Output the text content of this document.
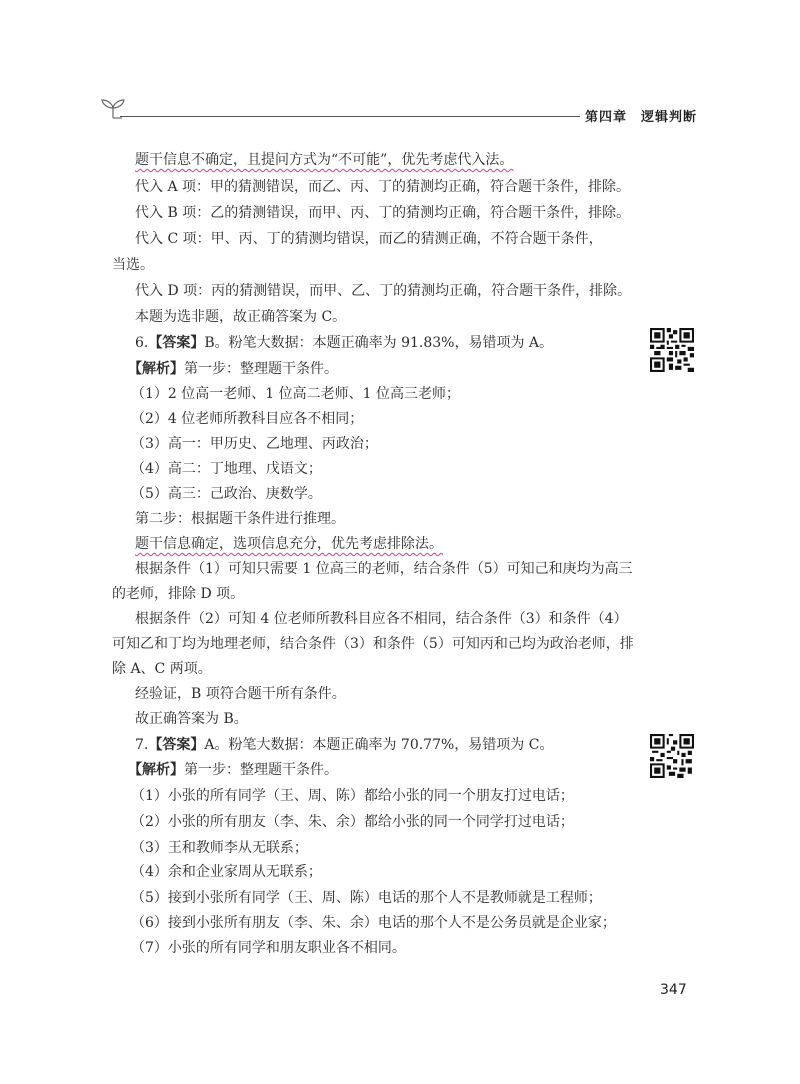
第四章　逻辑判断
题干信息不确定，且提问方式为“不可能”，优先考虑代入法。
代入 A 项：甲的猜测错误，而乙、丙、丁的猜测均正确，符合题干条件，排除。
代入 B 项：乙的猜测错误，而甲、丙、丁的猜测均正确，符合题干条件，排除。
代入 C 项：甲、丙、丁的猜测均错误，而乙的猜测正确，不符合题干条件，
当选。
代入 D 项：丙的猜测错误，而甲、乙、丁的猜测均正确，符合题干条件，排除。
本题为选非题，故正确答案为 C。
6.【答案】B。粉笔大数据：本题正确率为 91.83%，易错项为 A。
【解析】第一步：整理题干条件。
（1）2 位高一老师、1 位高二老师、1 位高三老师；
（2）4 位老师所教科目应各不相同；
（3）高一：甲历史、乙地理、丙政治；
（4）高二：丁地理、戊语文；
（5）高三：己政治、庚数学。
第二步：根据题干条件进行推理。
题干信息确定，选项信息充分，优先考虑排除法。
根据条件（1）可知只需要 1 位高三的老师，结合条件（5）可知己和庚均为高三
的老师，排除 D 项。
根据条件（2）可知 4 位老师所教科目应各不相同，结合条件（3）和条件（4）
可知乙和丁均为地理老师，结合条件（3）和条件（5）可知丙和己均为政治老师，排
除 A、C 两项。
经验证，B 项符合题干所有条件。
故正确答案为 B。
7.【答案】A。粉笔大数据：本题正确率为 70.77%，易错项为 C。
【解析】第一步：整理题干条件。
（1）小张的所有同学（王、周、陈）都给小张的同一个朋友打过电话；
（2）小张的所有朋友（李、朱、余）都给小张的同一个同学打过电话；
（3）王和教师李从无联系；
（4）余和企业家周从无联系；
（5）接到小张所有同学（王、周、陈）电话的那个人不是教师就是工程师；
（6）接到小张所有朋友（李、朱、余）电话的那个人不是公务员就是企业家；
（7）小张的所有同学和朋友职业各不相同。
347
